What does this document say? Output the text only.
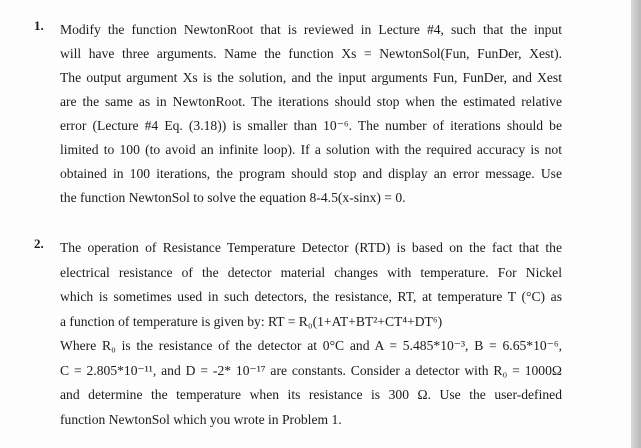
1. Modify the function NewtonRoot that is reviewed in Lecture #4, such that the input
will have three arguments. Name the function Xs = NewtonSol(Fun, FunDer, Xest).
The output argument Xs is the solution, and the input arguments Fun, FunDer, and Xest
are the same as in NewtonRoot. The iterations should stop when the estimated relative
error (Lecture #4 Eq. (3.18)) is smaller than 10⁻⁶. The number of iterations should be
limited to 100 (to avoid an infinite loop). If a solution with the required accuracy is not
obtained in 100 iterations, the program should stop and display an error message. Use
the function NewtonSol to solve the equation 8-4.5(x-sinx) = 0.
2. The operation of Resistance Temperature Detector (RTD) is based on the fact that the
electrical resistance of the detector material changes with temperature. For Nickel
which is sometimes used in such detectors, the resistance, RT, at temperature T (°C) as
a function of temperature is given by: RT = R₀(1+AT+BT²+CT⁴+DT⁶)
Where R₀ is the resistance of the detector at 0°C and A = 5.485*10⁻³, B = 6.65*10⁻⁶,
C = 2.805*10⁻¹¹, and D = -2* 10⁻¹⁷ are constants. Consider a detector with R₀ = 1000Ω
and determine the temperature when its resistance is 300 Ω. Use the user-defined
function NewtonSol which you wrote in Problem 1.
